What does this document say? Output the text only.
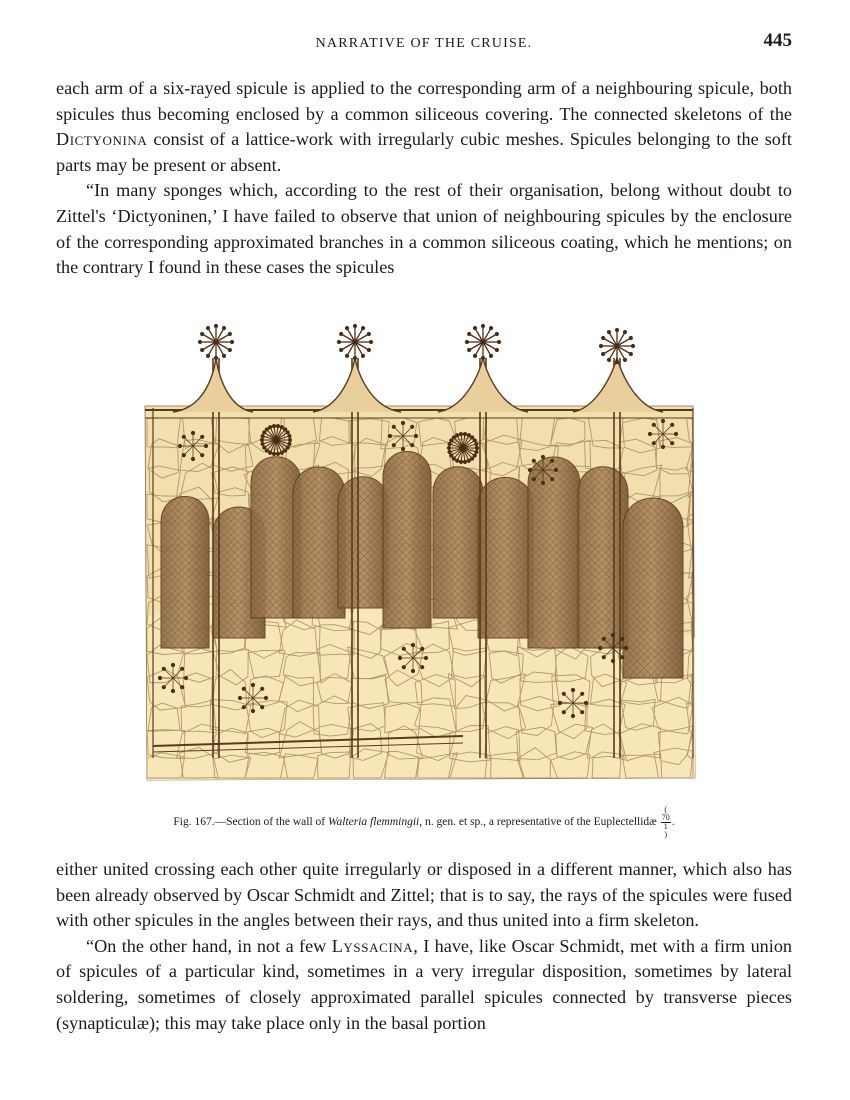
NARRATIVE OF THE CRUISE.	445

each arm of a six-rayed spicule is applied to the corresponding arm of a neighbouring spicule, both spicules thus becoming enclosed by a common siliceous covering. The connected skeletons of the Dictyonina consist of a lattice-work with irregularly cubic meshes. Spicules belonging to the soft parts may be present or absent.

“In many sponges which, according to the rest of their organisation, belong without doubt to Zittel's ‘Dictyoninen,’ I have failed to observe that union of neighbouring spicules by the enclosure of the corresponding approximated branches in a common siliceous coating, which he mentions; on the contrary I found in these cases the spicules

Fig. 167.—Section of the wall of Walteria flemmingii, n. gen. et sp., a representative of the Euplectellidæ (
70
1
).

either united crossing each other quite irregularly or disposed in a different manner, which also has been already observed by Oscar Schmidt and Zittel; that is to say, the rays of the spicules were fused with other spicules in the angles between their rays, and thus united into a firm skeleton.

“On the other hand, in not a few Lyssacina, I have, like Oscar Schmidt, met with a firm union of spicules of a particular kind, sometimes in a very irregular disposition, sometimes by lateral soldering, sometimes of closely approximated parallel spicules connected by transverse pieces (synapticulæ); this may take place only in the basal portion
